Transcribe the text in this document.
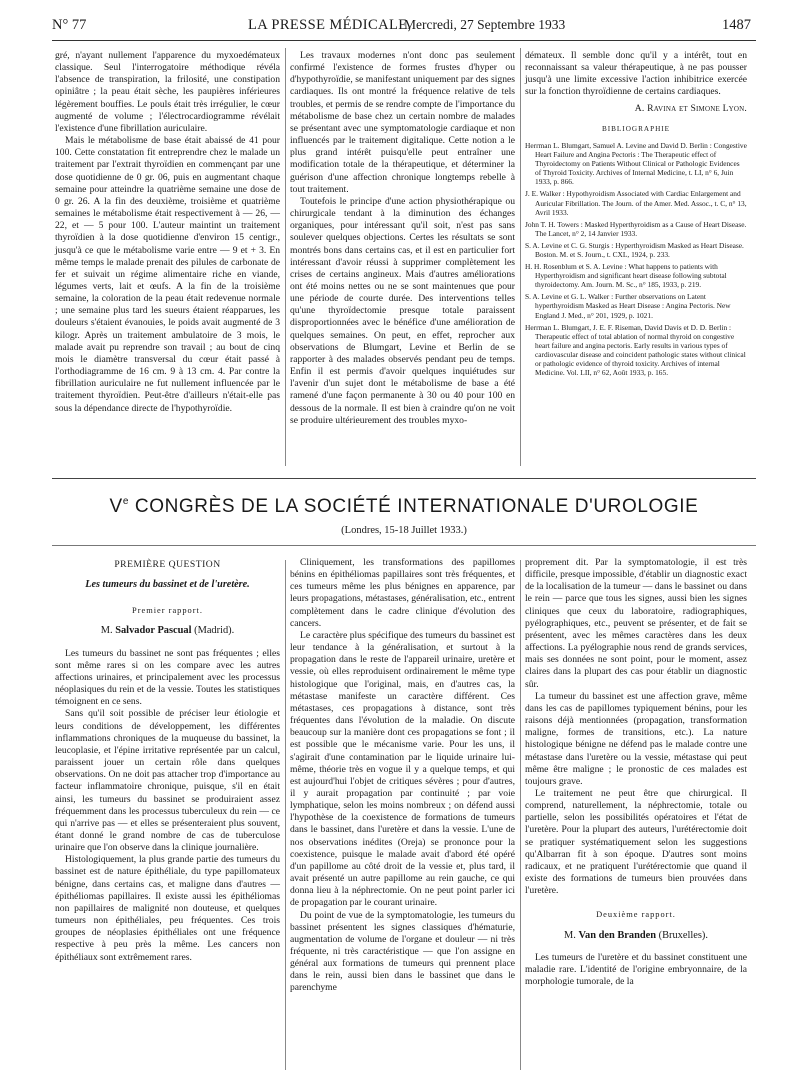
N° 77	LA PRESSE MÉDICALE,
Mercredi, 27 Septembre 1933	1487

gré, n'ayant nullement l'apparence du myxoedémateux classique. Seul l'interrogatoire méthodique révéla l'absence de transpiration, la frilosité, une constipation opiniâtre ; la peau était sèche, les paupières inférieures légèrement bouffies. Le pouls était très irrégulier, le cœur augmenté de volume ; l'électrocardiogramme révélait l'existence d'une fibrillation auriculaire.

Mais le métabolisme de base était abaissé de 41 pour 100. Cette constatation fit entreprendre chez le malade un traitement par l'extrait thyroïdien en commençant par une dose quotidienne de 0 gr. 06, puis en augmentant chaque semaine pour atteindre la quatrième semaine une dose de 0 gr. 26. A la fin des deuxième, troisième et quatrième semaines le métabolisme était respectivement à — 26, — 22, et — 5 pour 100. L'auteur maintint un traitement thyroïdien à la dose quotidienne d'environ 15 centigr., jusqu'à ce que le métabolisme varie entre — 9 et + 3. En même temps le malade prenait des pilules de carbonate de fer et suivait un régime alimentaire riche en viande, légumes verts, lait et œufs. A la fin de la troisième semaine, la coloration de la peau était redevenue normale ; une semaine plus tard les sueurs étaient réapparues, les douleurs s'étaient évanouies, le poids avait augmenté de 3 kilogr. Après un traitement ambulatoire de 3 mois, le malade avait pu reprendre son travail ; au bout de cinq mois le diamètre transversal du cœur était passé à l'orthodiagramme de 16 cm. 9 à 13 cm. 4. Par contre la fibrillation auriculaire ne fut nullement influencée par le traitement thyroïdien. Peut-être d'ailleurs n'était-elle pas sous la dépendance directe de l'hypothyroïdie.

Les travaux modernes n'ont donc pas seulement confirmé l'existence de formes frustes d'hyper ou d'hypothyroïdie, se manifestant uniquement par des signes cardiaques. Ils ont montré la fréquence relative de tels troubles, et permis de se rendre compte de l'importance du métabolisme de base chez un certain nombre de malades se présentant avec une symptomatologie cardiaque et non influencés par le traitement digitalique. Cette notion a le plus grand intérêt puisqu'elle peut entraîner une modification totale de la thérapeutique, et déterminer la guérison d'une affection chronique longtemps rebelle à tout traitement.

Toutefois le principe d'une action physiothérapique ou chirurgicale tendant à la diminution des échanges organiques, pour intéressant qu'il soit, n'est pas sans soulever quelques objections. Certes les résultats se sont montrés bons dans certains cas, et il est en particulier fort intéressant d'avoir réussi à supprimer complètement les crises de certains angineux. Mais d'autres améliorations ont été moins nettes ou ne se sont maintenues que pour une période de courte durée. Des interventions telles qu'une thyroïdectomie presque totale paraissent disproportionnées avec le bénéfice d'une amélioration de quelques semaines. On peut, en effet, reprocher aux observations de Blumgart, Levine et Berlin de se rapporter à des malades observés pendant peu de temps. Enfin il est permis d'avoir quelques inquiétudes sur l'avenir d'un sujet dont le métabolisme de base a été ramené d'une façon permanente à 30 ou 40 pour 100 en dessous de la normale. Il est bien à craindre qu'on ne voit se produire ultérieurement des troubles myxo-

démateux. Il semble donc qu'il y a intérêt, tout en reconnaissant sa valeur thérapeutique, à ne pas pousser jusqu'à une limite excessive l'action inhibitrice exercée sur la fonction thyroïdienne de certains cardiaques.

A. Ravina et Simone Lyon.
BIBLIOGRAPHIE
Herrman L. Blumgart, Samuel A. Levine and David D. Berlin : Congestive Heart Failure and Angina Pectoris : The Therapeutic effect of Thyroidectomy on Patients Without Clinical or Pathologic Evidences of Thyroid Toxicity. Archives of Internal Medicine, t. LI, n° 6, Juin 1933, p. 866.
J. E. Walker : Hypothyroidism Associated with Cardiac Enlargement and Auricular Fibrillation. The Journ. of the Amer. Med. Assoc., t. C, n° 13, Avril 1933.
John T. H. Towers : Masked Hyperthyroidism as a Cause of Heart Disease. The Lancet, n° 2, 14 Janvier 1933.
S. A. Levine et C. G. Sturgis : Hyperthyroidism Masked as Heart Disease. Boston. M. et S. Journ., t. CXL, 1924, p. 233.
H. H. Rosenblum et S. A. Levine : What happens to patients with Hyperthyroidism and significant heart disease following subtotal thyroidectomy. Am. Journ. M. Sc., n° 185, 1933, p. 219.
S. A. Levine et G. L. Walker : Further observations on Latent hyperthyroidism Masked as Heart Disease : Angina Pectoris. New England J. Med., n° 201, 1929, p. 1021.
Herrman L. Blumgart, J. E. F. Riseman, David Davis et D. D. Berlin : Therapeutic effect of total ablation of normal thyroid on congestive heart failure and angina pectoris. Early results in various types of cardiovascular disease and coincident pathologic states without clinical or pathologic evidence of thyroid toxicity. Archives of internal Medicine. Vol. LII, n° 62, Août 1933, p. 165.
Ve CONGRÈS DE LA SOCIÉTÉ INTERNATIONALE D'UROLOGIE
(Londres, 15-18 Juillet 1933.)
PREMIÈRE QUESTION
Les tumeurs du bassinet et de l'uretère.
Premier rapport.
M. Salvador Pascual (Madrid).

Les tumeurs du bassinet ne sont pas fréquentes ; elles sont même rares si on les compare avec les autres affections urinaires, et principalement avec les processus néoplasiques du rein et de la vessie. Toutes les statistiques témoignent en ce sens.

Sans qu'il soit possible de préciser leur étiologie et leurs conditions de développement, les différentes inflammations chroniques de la muqueuse du bassinet, la leucoplasie, et l'épine irritative représentée par un calcul, paraissent jouer un certain rôle dans quelques observations. On ne doit pas attacher trop d'importance au facteur inflammatoire chronique, puisque, s'il en était ainsi, les tumeurs du bassinet se produiraient assez fréquemment dans les processus tuberculeux du rein — ce qui n'arrive pas — et elles se présenteraient plus souvent, étant donné le grand nombre de cas de tuberculose urinaire que l'on observe dans la clinique journalière.

Histologiquement, la plus grande partie des tumeurs du bassinet est de nature épithéliale, du type papillomateux bénigne, dans certains cas, et maligne dans d'autres — épithéliomas papillaires. Il existe aussi les épithéliomas non papillaires de malignité non douteuse, et quelques tumeurs non épithéliales, peu fréquentes. Ces trois groupes de néoplasies épithéliales ont une fréquence respective à peu près la même. Les cancers non épithéliaux sont extrêmement rares.

Cliniquement, les transformations des papillomes bénins en épithéliomas papillaires sont très fréquentes, et ces tumeurs même les plus bénignes en apparence, par leurs propagations, métastases, généralisation, etc., entrent complètement dans le cadre clinique d'évolution des cancers.

Le caractère plus spécifique des tumeurs du bassinet est leur tendance à la généralisation, et surtout à la propagation dans le reste de l'appareil urinaire, uretère et vessie, où elles reproduisent ordinairement le même type histologique que l'original, mais, en d'autres cas, la métastase manifeste un caractère différent. Ces métastases, ces propagations à distance, sont très fréquentes dans l'évolution de la maladie. On discute beaucoup sur la manière dont ces propagations se font ; il est possible que le mécanisme varie. Pour les uns, il s'agirait d'une contamination par le liquide urinaire lui-même, théorie très en vogue il y a quelque temps, et qui est aujourd'hui l'objet de critiques sévères ; pour d'autres, il y aurait propagation par continuité ; par voie lymphatique, selon les moins nombreux ; on défend aussi l'hypothèse de la coexistence de formations de tumeurs dans le bassinet, dans l'uretère et dans la vessie. L'une de nos observations inédites (Oreja) se prononce pour la coexistence, puisque le malade avait d'abord été opéré d'un papillome au côté droit de la vessie et, plus tard, il avait présenté un autre papillome au rein gauche, ce qui donna lieu à la néphrectomie. On ne peut point parler ici de propagation par le courant urinaire.

Du point de vue de la symptomatologie, les tumeurs du bassinet présentent les signes classiques d'hématurie, augmentation de volume de l'organe et douleur — ni très fréquente, ni très caractéristique — que l'on assigne en général aux formations de tumeurs qui prennent place dans le rein, aussi bien dans le bassinet que dans le parenchyme

proprement dit. Par la symptomatologie, il est très difficile, presque impossible, d'établir un diagnostic exact de la localisation de la tumeur — dans le bassinet ou dans le rein — parce que tous les signes, aussi bien les signes cliniques que ceux du laboratoire, radiographiques, pyélographiques, etc., peuvent se présenter, et de fait se présentent, avec les mêmes caractères dans les deux affections. La pyélographie nous rend de grands services, mais ses données ne sont point, pour le moment, assez claires dans la plupart des cas pour établir un diagnostic sûr.

La tumeur du bassinet est une affection grave, même dans les cas de papillomes typiquement bénins, pour les raisons déjà mentionnées (propagation, transformation maligne, formes de transitions, etc.). La nature histologique bénigne ne défend pas le malade contre une métastase dans l'uretère ou la vessie, métastase qui peut même être maligne ; le pronostic de ces malades est toujours grave.

Le traitement ne peut être que chirurgical. Il comprend, naturellement, la néphrectomie, totale ou partielle, selon les possibilités opératoires et l'état de l'uretère. Pour la plupart des auteurs, l'urétérectomie doit se pratiquer systématiquement selon les suggestions qu'Albarran fit à son époque. D'autres sont moins radicaux, et ne pratiquent l'urétérectomie que quand il existe des formations de tumeurs bien prouvées dans l'uretère.

Deuxième rapport.
M. Van den Branden (Bruxelles).

Les tumeurs de l'uretère et du bassinet constituent une maladie rare. L'identité de l'origine embryonnaire, de la morphologie tumorale, de la
